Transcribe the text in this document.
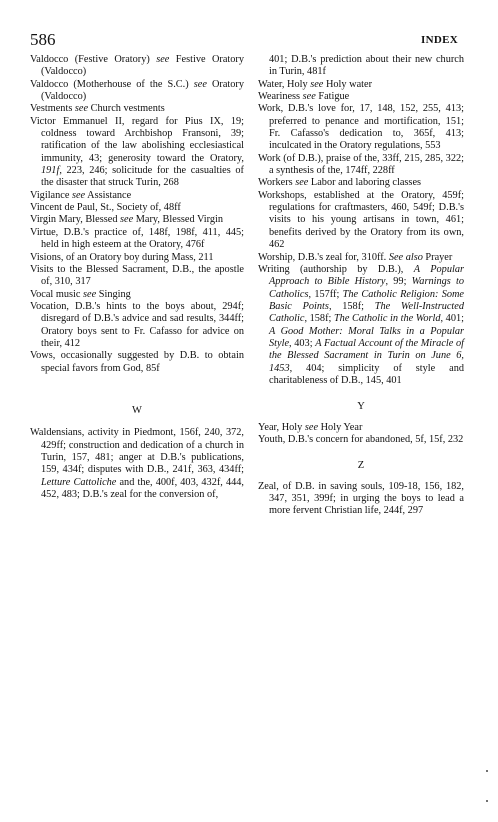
586	INDEX

Valdocco (Festive Oratory) see Festive Oratory (Valdocco)

Valdocco (Motherhouse of the S.C.) see Oratory (Valdocco)

Vestments see Church vestments

Victor Emmanuel II, regard for Pius IX, 19; coldness toward Archbishop Fransoni, 39; ratification of the law abolishing ecclesiastical immunity, 43; generosity toward the Oratory, 191f, 223, 246; solicitude for the casualties of the disaster that struck Turin, 268

Vigilance see Assistance

Vincent de Paul, St., Society of, 48ff

Virgin Mary, Blessed see Mary, Blessed Virgin

Virtue, D.B.'s practice of, 148f, 198f, 411, 445; held in high esteem at the Oratory, 476f

Visions, of an Oratory boy during Mass, 211

Visits to the Blessed Sacrament, D.B., the apostle of, 310, 317

Vocal music see Singing

Vocation, D.B.'s hints to the boys about, 294f; disregard of D.B.'s advice and sad results, 344ff; Oratory boys sent to Fr. Cafasso for advice on their, 412

Vows, occasionally suggested by D.B. to obtain special favors from God, 85f

W

Waldensians, activity in Piedmont, 156f, 240, 372, 429ff; construction and dedication of a church in Turin, 157, 481; anger at D.B.'s publications, 159, 434f; disputes with D.B., 241f, 363, 434ff; Letture Cattoliche and the, 400f, 403, 432f, 444, 452, 483; D.B.'s zeal for the conversion of,

401; D.B.'s prediction about their new church in Turin, 481f

Water, Holy see Holy water

Weariness see Fatigue

Work, D.B.'s love for, 17, 148, 152, 255, 413; preferred to penance and mortification, 151; Fr. Cafasso's dedication to, 365f, 413; inculcated in the Oratory regulations, 553

Work (of D.B.), praise of the, 33ff, 215, 285, 322; a synthesis of the, 174ff, 228ff

Workers see Labor and laboring classes

Workshops, established at the Oratory, 459f; regulations for craftmasters, 460, 549f; D.B.'s visits to his young artisans in town, 461; benefits derived by the Oratory from its own, 462

Worship, D.B.'s zeal for, 310ff. See also Prayer

Writing (authorship by D.B.), A Popular Approach to Bible History, 99; Warnings to Catholics, 157ff; The Catholic Religion: Some Basic Points, 158f; The Well-Instructed Catholic, 158f; The Catholic in the World, 401; A Good Mother: Moral Talks in a Popular Style, 403; A Factual Account of the Miracle of the Blessed Sacrament in Turin on June 6, 1453, 404; simplicity of style and charitableness of D.B., 145, 401

Y

Year, Holy see Holy Year

Youth, D.B.'s concern for abandoned, 5f, 15f, 232

Z

Zeal, of D.B. in saving souls, 109-18, 156, 182, 347, 351, 399f; in urging the boys to lead a more fervent Christian life, 244f, 297
